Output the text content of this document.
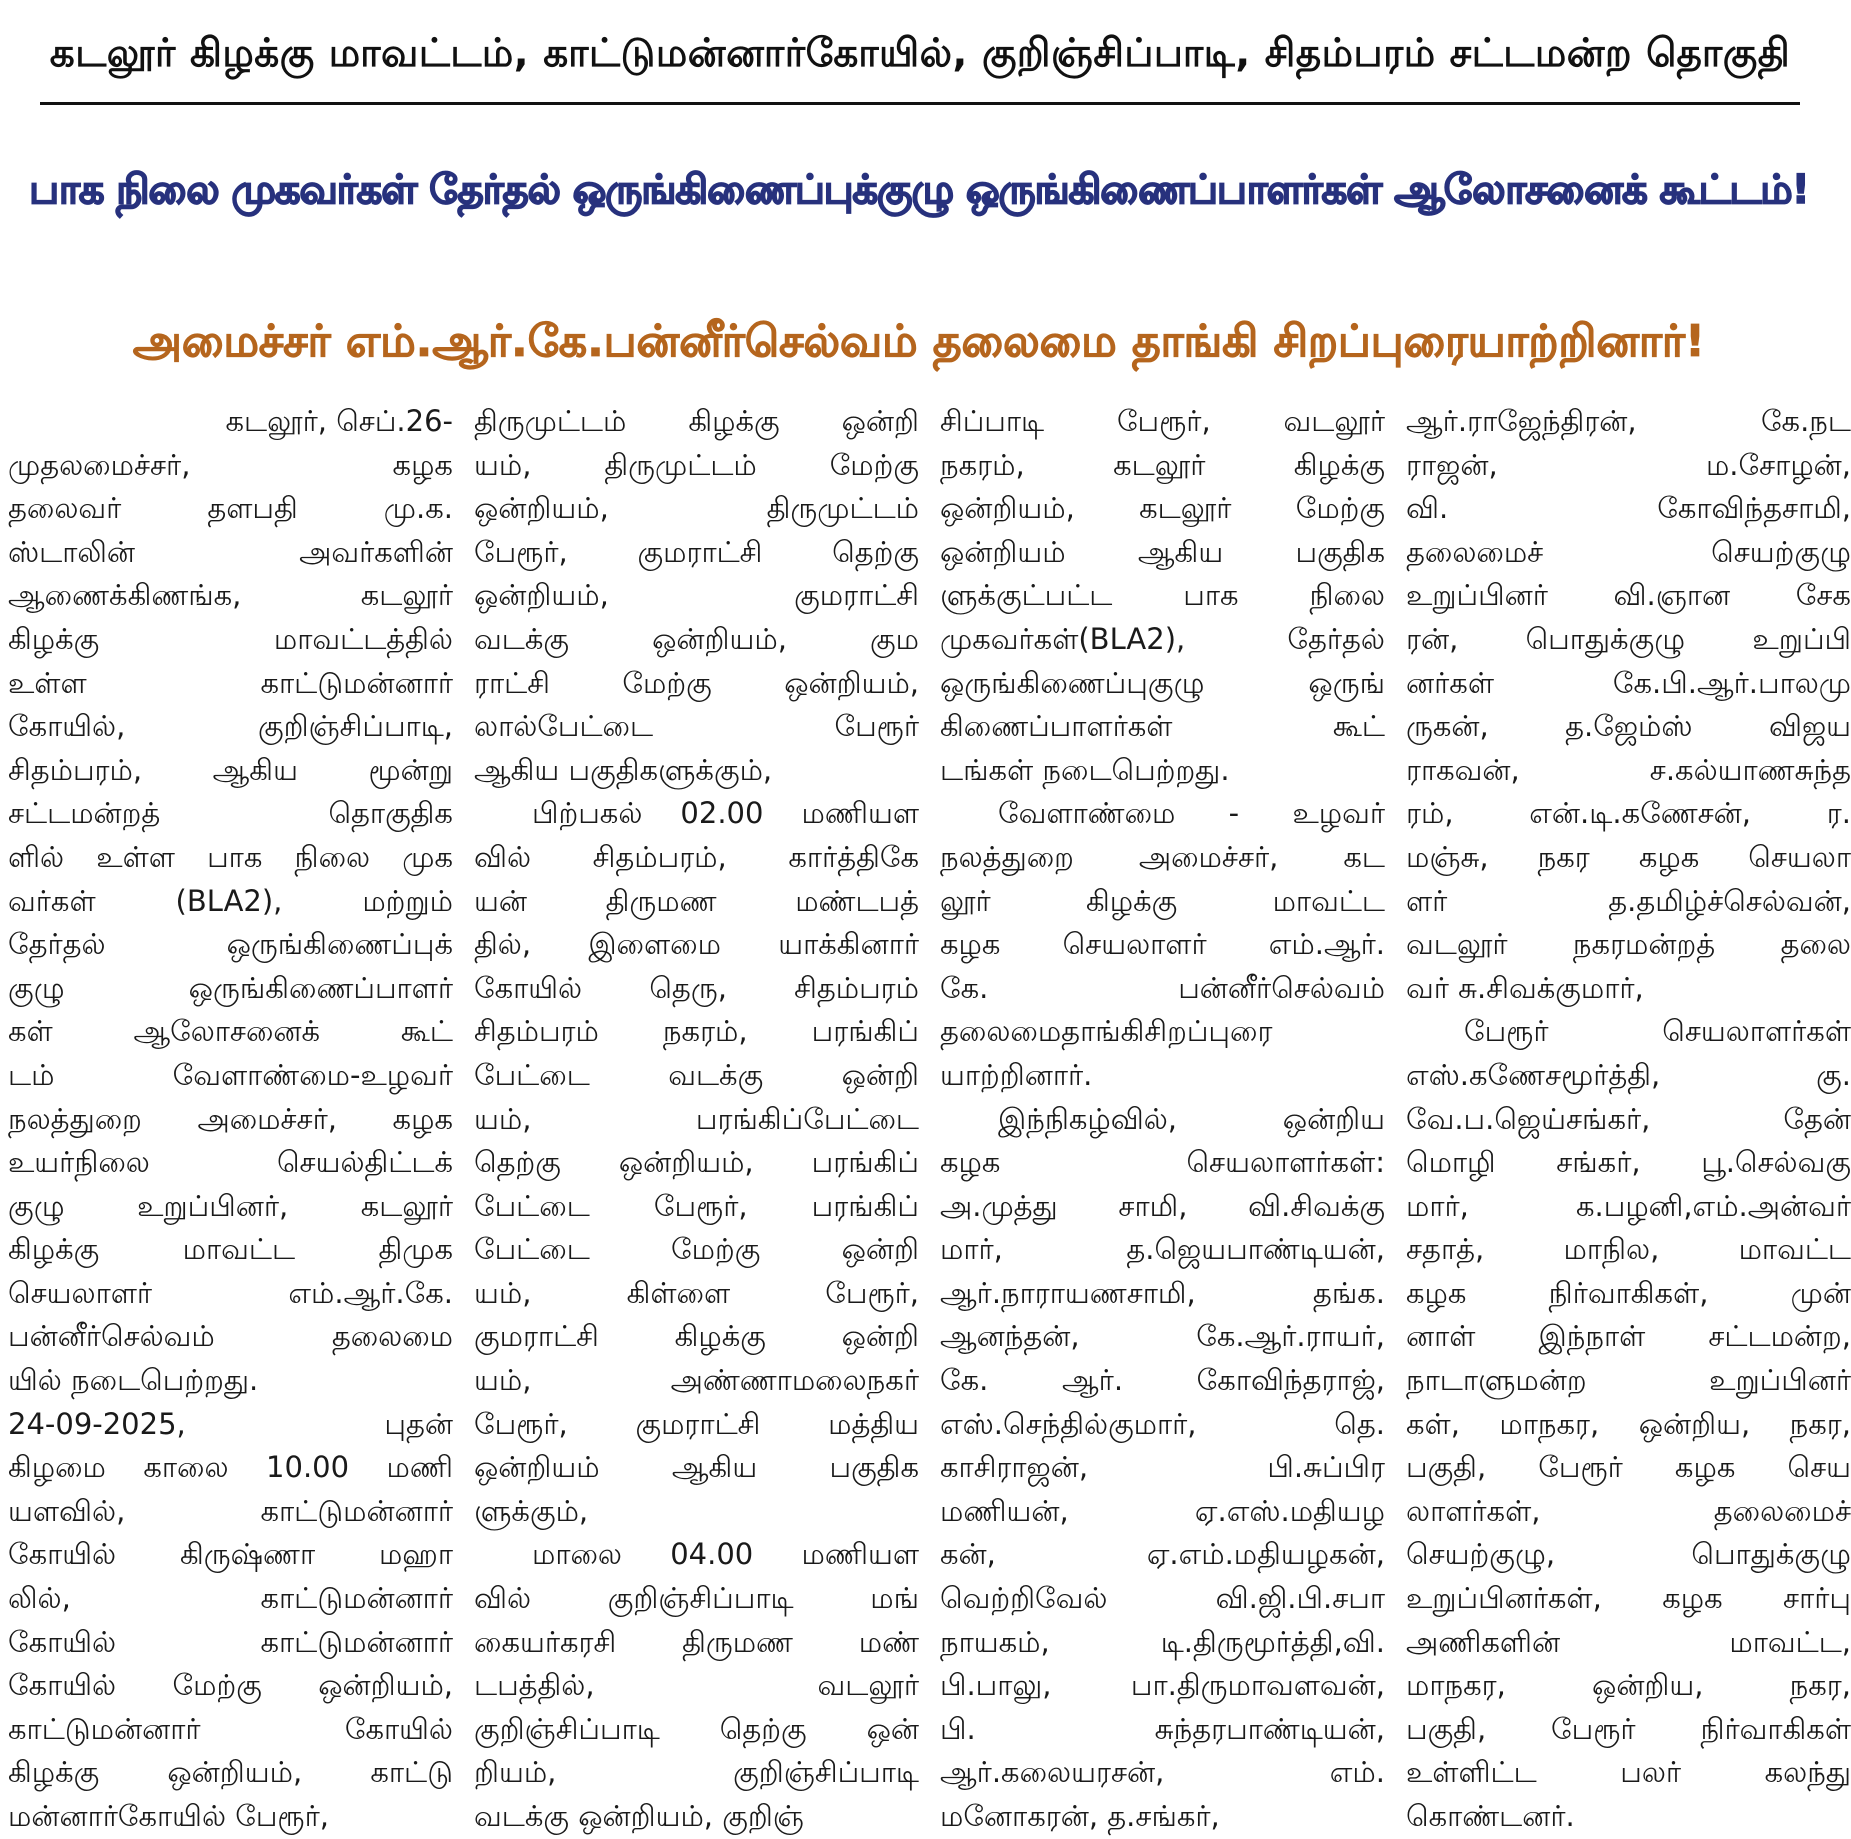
கடலூர் கிழக்கு மாவட்டம், காட்டுமன்னார்கோயில், குறிஞ்சிப்பாடி, சிதம்பரம் சட்டமன்ற தொகுதி
பாக நிலை முகவர்கள் தேர்தல் ஒருங்கிணைப்புக்குழு ஒருங்கிணைப்பாளர்கள் ஆலோசனைக் கூட்டம்!
அமைச்சர் எம்.ஆர்.கே.பன்னீர்செல்வம் தலைமை தாங்கி சிறப்புரையாற்றினார்!
கடலூர், செப்.26-
முதலமைச்சர், கழக
தலைவர் தளபதி மு.க.
ஸ்டாலின் அவர்களின்
ஆணைக்கிணங்க, கடலூர்
கிழக்கு மாவட்டத்தில்
உள்ள காட்டுமன்னார்
கோயில், குறிஞ்சிப்பாடி,
சிதம்பரம், ஆகிய மூன்று
சட்டமன்றத் தொகுதிக
ளில் உள்ள பாக நிலை முக
வர்கள் (BLA2), மற்றும்
தேர்தல் ஒருங்கிணைப்புக்
குழு ஒருங்கிணைப்பாளர்
கள் ஆலோசனைக் கூட்
டம் வேளாண்மை-உழவர்
நலத்துறை அமைச்சர், கழக
உயர்நிலை செயல்திட்டக்
குழு உறுப்பினர், கடலூர்
கிழக்கு மாவட்ட திமுக
செயலாளர் எம்.ஆர்.கே.
பன்னீர்செல்வம் தலைமை
யில் நடைபெற்றது.
24-09-2025, புதன்
கிழமை காலை 10.00 மணி
யளவில், காட்டுமன்னார்
கோயில் கிருஷ்ணா மஹா
லில், காட்டுமன்னார்
கோயில் காட்டுமன்னார்
கோயில் மேற்கு ஒன்றியம்,
காட்டுமன்னார் கோயில்
கிழக்கு ஒன்றியம், காட்டு
மன்னார்கோயில் பேரூர்,
திருமுட்டம் கிழக்கு ஒன்றி
யம், திருமுட்டம் மேற்கு
ஒன்றியம், திருமுட்டம்
பேரூர், குமராட்சி தெற்கு
ஒன்றியம், குமராட்சி
வடக்கு ஒன்றியம், கும
ராட்சி மேற்கு ஒன்றியம்,
லால்பேட்டை பேரூர்
ஆகிய பகுதிகளுக்கும்,
பிற்பகல் 02.00 மணியள
வில் சிதம்பரம், கார்த்திகே
யன் திருமண மண்டபத்
தில், இளைமை யாக்கினார்
கோயில் தெரு, சிதம்பரம்
சிதம்பரம் நகரம், பரங்கிப்
பேட்டை வடக்கு ஒன்றி
யம், பரங்கிப்பேட்டை
தெற்கு ஒன்றியம், பரங்கிப்
பேட்டை பேரூர், பரங்கிப்
பேட்டை மேற்கு ஒன்றி
யம், கிள்ளை பேரூர்,
குமராட்சி கிழக்கு ஒன்றி
யம், அண்ணாமலைநகர்
பேரூர், குமராட்சி மத்திய
ஒன்றியம் ஆகிய பகுதிக
ளுக்கும்,
மாலை 04.00 மணியள
வில் குறிஞ்சிப்பாடி மங்
கையர்கரசி திருமண மண்
டபத்தில், வடலூர்
குறிஞ்சிப்பாடி தெற்கு ஒன்
றியம், குறிஞ்சிப்பாடி
வடக்கு ஒன்றியம், குறிஞ்
சிப்பாடி பேரூர், வடலூர்
நகரம், கடலூர் கிழக்கு
ஒன்றியம், கடலூர் மேற்கு
ஒன்றியம் ஆகிய பகுதிக
ளுக்குட்பட்ட பாக நிலை
முகவர்கள்(BLA2), தேர்தல்
ஒருங்கிணைப்புகுழு ஒருங்
கிணைப்பாளர்கள் கூட்
டங்கள் நடைபெற்றது.
வேளாண்மை - உழவர்
நலத்துறை அமைச்சர், கட
லூர் கிழக்கு மாவட்ட
கழக செயலாளர் எம்.ஆர்.
கே. பன்னீர்செல்வம்
தலைமைதாங்கிசிறப்புரை
யாற்றினார்.
இந்நிகழ்வில், ஒன்றிய
கழக செயலாளர்கள்:
அ.முத்து சாமி, வி.சிவக்கு
மார், த.ஜெயபாண்டியன்,
ஆர்.நாராயணசாமி, தங்க.
ஆனந்தன், கே.ஆர்.ராயர்,
கே. ஆர். கோவிந்தராஜ்,
எஸ்.செந்தில்குமார், தெ.
காசிராஜன், பி.சுப்பிர
மணியன், ஏ.எஸ்.மதியழ
கன், ஏ.எம்.மதியழகன்,
வெற்றிவேல் வி.ஜி.பி.சபா
நாயகம், டி.திருமூர்த்தி,வி.
பி.பாலு, பா.திருமாவளவன்,
பி. சுந்தரபாண்டியன்,
ஆர்.கலையரசன், எம்.
மனோகரன், த.சங்கர்,
ஆர்.ராஜேந்திரன், கே.நட
ராஜன், ம.சோழன்,
வி. கோவிந்தசாமி,
தலைமைச் செயற்குழு
உறுப்பினர் வி.ஞான சேக
ரன், பொதுக்குழு உறுப்பி
னர்கள் கே.பி.ஆர்.பாலமு
ருகன், த.ஜேம்ஸ் விஜய
ராகவன், ச.கல்யாணசுந்த
ரம், என்.டி.கணேசன், ர.
மஞ்சு, நகர கழக செயலா
ளர் த.தமிழ்ச்செல்வன்,
வடலூர் நகரமன்றத் தலை
வர் சு.சிவக்குமார்,
பேரூர் செயலாளர்கள்
எஸ்.கணேசமூர்த்தி, கு.
வே.ப.ஜெய்சங்கர், தேன்
மொழி சங்கர், பூ.செல்வகு
மார், க.பழனி,எம்.அன்வர்
சதாத், மாநில, மாவட்ட
கழக நிர்வாகிகள், முன்
னாள் இந்நாள் சட்டமன்ற,
நாடாளுமன்ற உறுப்பினர்
கள், மாநகர, ஒன்றிய, நகர,
பகுதி, பேரூர் கழக செய
லாளர்கள், தலைமைச்
செயற்குழு, பொதுக்குழு
உறுப்பினர்கள், கழக சார்பு
அணிகளின் மாவட்ட,
மாநகர, ஒன்றிய, நகர,
பகுதி, பேரூர் நிர்வாகிகள்
உள்ளிட்ட பலர் கலந்து
கொண்டனர்.
